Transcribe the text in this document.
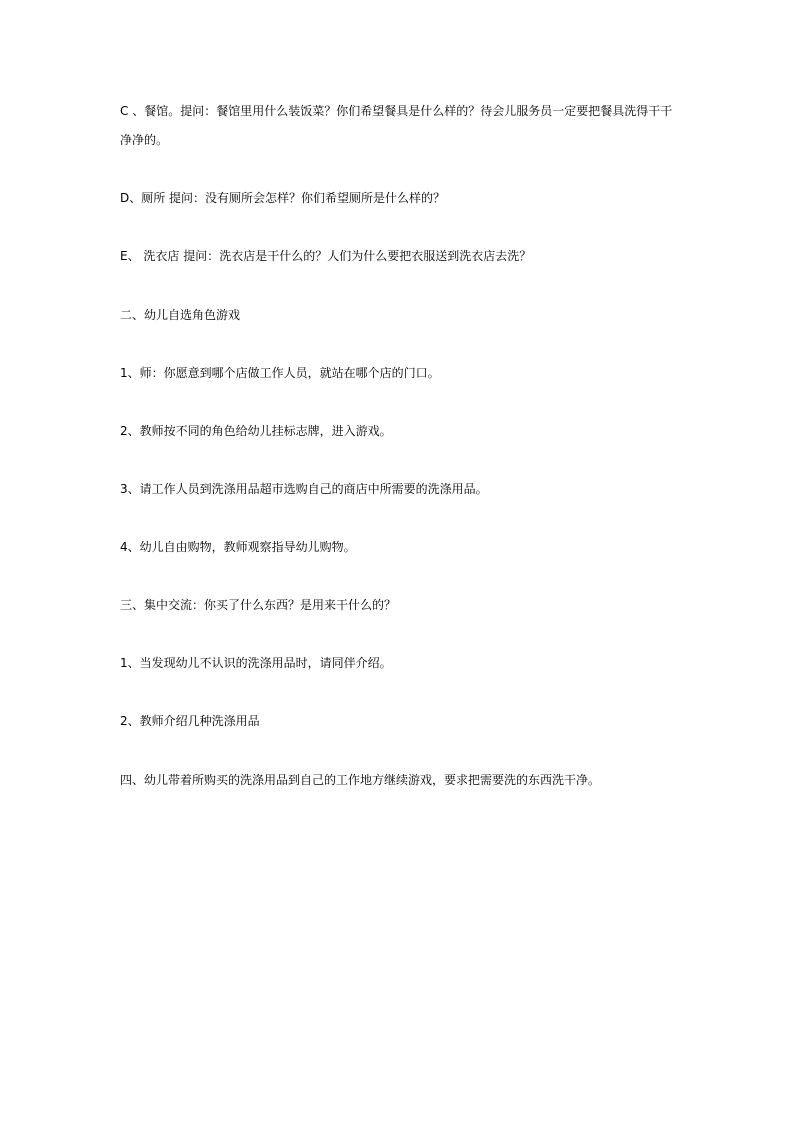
C 、餐馆。提问：餐馆里用什么装饭菜？你们希望餐具是什么样的？待会儿服务员一定要把餐具洗得干干净净的。
D、厕所 提问：没有厕所会怎样？你们希望厕所是什么样的？
E、 洗衣店 提问：洗衣店是干什么的？人们为什么要把衣服送到洗衣店去洗？
二、幼儿自选角色游戏
1、师：你愿意到哪个店做工作人员，就站在哪个店的门口。
2、教师按不同的角色给幼儿挂标志牌，进入游戏。
3、请工作人员到洗涤用品超市选购自己的商店中所需要的洗涤用品。
4、幼儿自由购物，教师观察指导幼儿购物。
三、集中交流：你买了什么东西？是用来干什么的？
1、当发现幼儿不认识的洗涤用品时，请同伴介绍。
2、教师介绍几种洗涤用品
四、幼儿带着所购买的洗涤用品到自己的工作地方继续游戏，要求把需要洗的东西洗干净。
